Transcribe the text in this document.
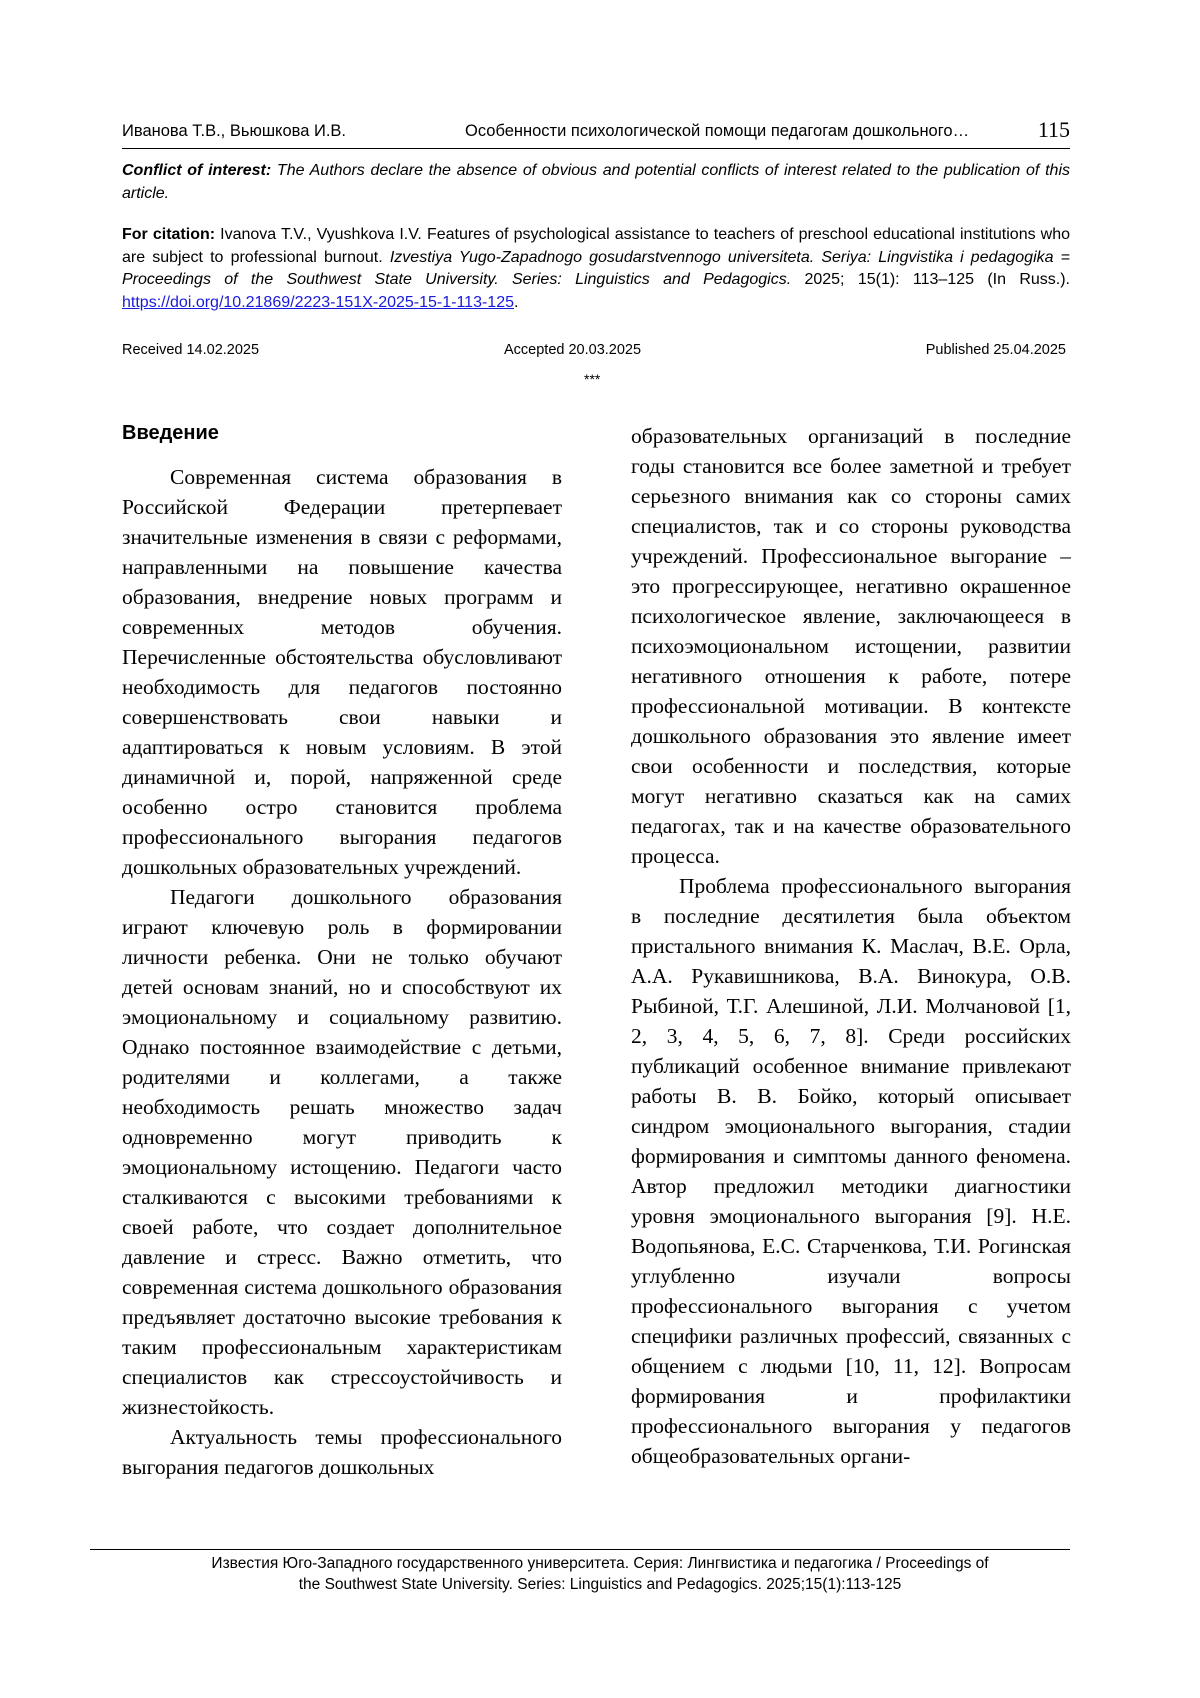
Иванова Т.В., Вьюшкова И.В.	Особенности психологической помощи педагогам дошкольного…	115
Conflict of interest: The Authors declare the absence of obvious and potential conflicts of interest related to the publication of this article.
For citation: Ivanova T.V., Vyushkova I.V. Features of psychological assistance to teachers of preschool educational institutions who are subject to professional burnout. Izvestiya Yugo-Zapadnogo gosudarstvennogo universiteta. Seriya: Lingvistika i pedagogika = Proceedings of the Southwest State University. Series: Linguistics and Pedagogics. 2025; 15(1): 113–125 (In Russ.). https://doi.org/10.21869/2223-151X-2025-15-1-113-125.
Received 14.02.2025	Accepted 20.03.2025	Published 25.04.2025
***

Введение

Современная система образования в Российской Федерации претерпевает значительные изменения в связи с реформами, направленными на повышение качества образования, внедрение новых программ и современных методов обучения. Перечисленные обстоятельства обусловливают необходимость для педагогов постоянно совершенствовать свои навыки и адаптироваться к новым условиям. В этой динамичной и, порой, напряженной среде особенно остро становится проблема профессионального выгорания педагогов дошкольных образовательных учреждений.

Педагоги дошкольного образования играют ключевую роль в формировании личности ребенка. Они не только обучают детей основам знаний, но и способствуют их эмоциональному и социальному развитию. Однако постоянное взаимодействие с детьми, родителями и коллегами, а также необходимость решать множество задач одновременно могут приводить к эмоциональному истощению. Педагоги часто сталкиваются с высокими требованиями к своей работе, что создает дополнительное давление и стресс. Важно отметить, что современная система дошкольного образования предъявляет достаточно высокие требования к таким профессиональным характеристикам специалистов как стрессоустойчивость и жизнестойкость.

Актуальность темы профессионального выгорания педагогов дошкольных

образовательных организаций в последние годы становится все более заметной и требует серьезного внимания как со стороны самих специалистов, так и со стороны руководства учреждений. Профессиональное выгорание – это прогрессирующее, негативно окрашенное психологическое явление, заключающееся в психоэмоциональном истощении, развитии негативного отношения к работе, потере профессиональной мотивации. В контексте дошкольного образования это явление имеет свои особенности и последствия, которые могут негативно сказаться как на самих педагогах, так и на качестве образовательного процесса.

Проблема профессионального выгорания в последние десятилетия была объектом пристального внимания К. Маслач, В.Е. Орла, А.А. Рукавишникова, В.А. Винокура, О.В. Рыбиной, Т.Г. Алешиной, Л.И. Молчановой [1, 2, 3, 4, 5, 6, 7, 8]. Среди российских публикаций особенное внимание привлекают работы В. В. Бойко, который описывает синдром эмоционального выгорания, стадии формирования и симптомы данного феномена. Автор предложил методики диагностики уровня эмоционального выгорания [9]. Н.Е. Водопьянова, Е.С. Старченкова, Т.И. Рогинская углубленно изучали вопросы профессионального выгорания с учетом специфики различных профессий, связанных с общением с людьми [10, 11, 12]. Вопросам формирования и профилактики профессионального выгорания у педагогов общеобразовательных органи-

Известия Юго-Западного государственного университета. Серия: Лингвистика и педагогика / Proceedings of
the Southwest State University. Series: Linguistics and Pedagogics. 2025;15(1):113-125
